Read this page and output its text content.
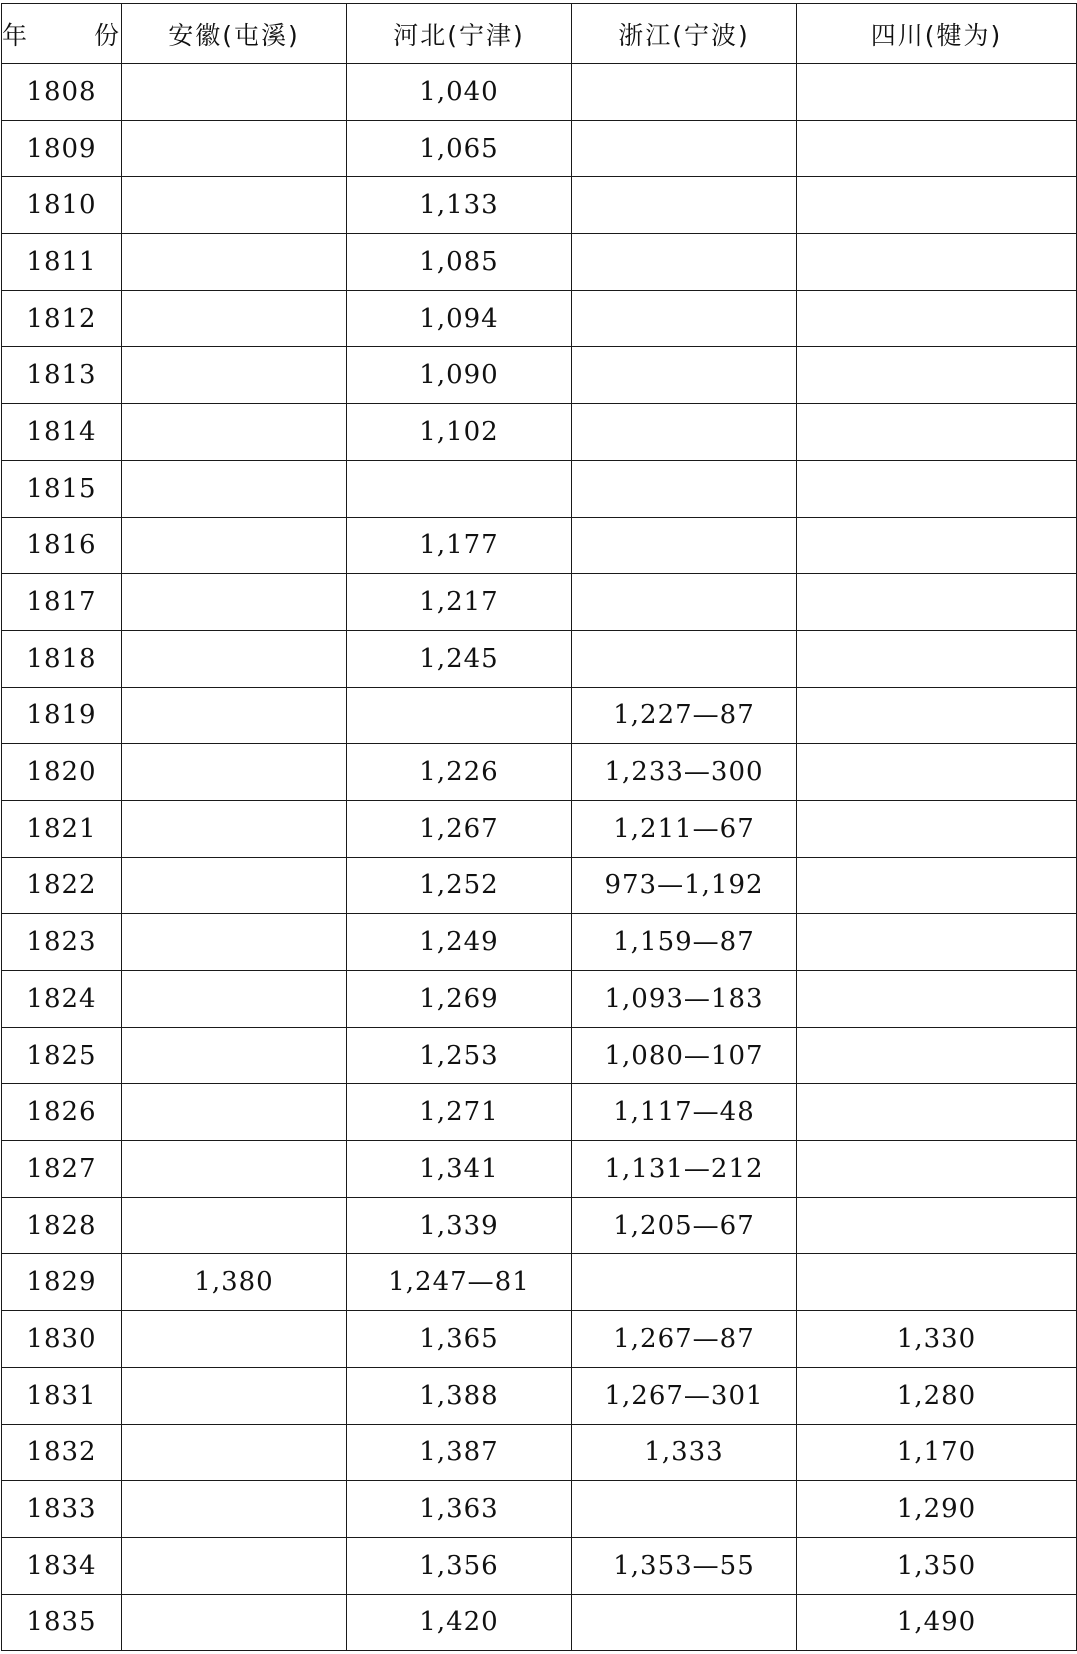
年　份	安徽(屯溪)	河北(宁津)	浙江(宁波)	四川(犍为)
1808		1,040		
1809		1,065		
1810		1,133		
1811		1,085		
1812		1,094		
1813		1,090		
1814		1,102		
1815				
1816		1,177		
1817		1,217		
1818		1,245		
1819			1,227—87	
1820		1,226	1,233—300	
1821		1,267	1,211—67	
1822		1,252	973—1,192	
1823		1,249	1,159—87	
1824		1,269	1,093—183	
1825		1,253	1,080—107	
1826		1,271	1,117—48	
1827		1,341	1,131—212	
1828		1,339	1,205—67	
1829	1,380	1,247—81		
1830		1,365	1,267—87	1,330
1831		1,388	1,267—301	1,280
1832		1,387	1,333	1,170
1833		1,363		1,290
1834		1,356	1,353—55	1,350
1835		1,420		1,490
